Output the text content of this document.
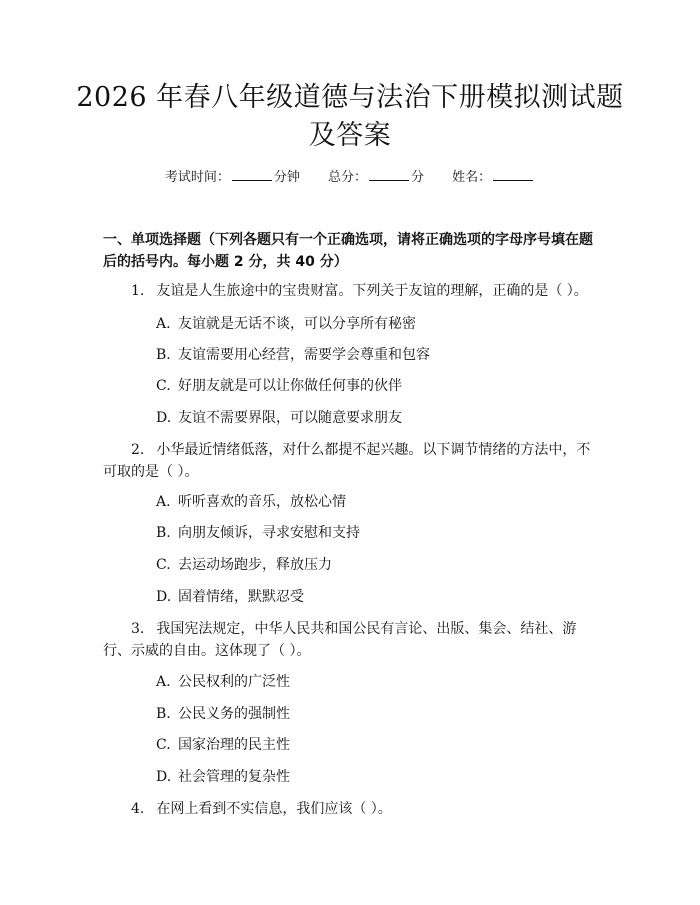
2026 年春八年级道德与法治下册模拟测试题
及答案
考试时间：	分钟 总分：	分 姓名：
一、单项选择题（下列各题只有一个正确选项，请将正确选项的字母序号填在题后的括号内。每小题 2 分，共 40 分）
1. 友谊是人生旅途中的宝贵财富。下列关于友谊的理解，正确的是（ ）。
A. 友谊就是无话不谈，可以分享所有秘密
B. 友谊需要用心经营，需要学会尊重和包容
C. 好朋友就是可以让你做任何事的伙伴
D. 友谊不需要界限，可以随意要求朋友
2. 小华最近情绪低落，对什么都提不起兴趣。以下调节情绪的方法中，不可取的是（ ）。
A. 听听喜欢的音乐，放松心情
B. 向朋友倾诉，寻求安慰和支持
C. 去运动场跑步，释放压力
D. 固着情绪，默默忍受
3. 我国宪法规定，中华人民共和国公民有言论、出版、集会、结社、游行、示威的自由。这体现了（ ）。
A. 公民权利的广泛性
B. 公民义务的强制性
C. 国家治理的民主性
D. 社会管理的复杂性
4. 在网上看到不实信息，我们应该（ ）。
